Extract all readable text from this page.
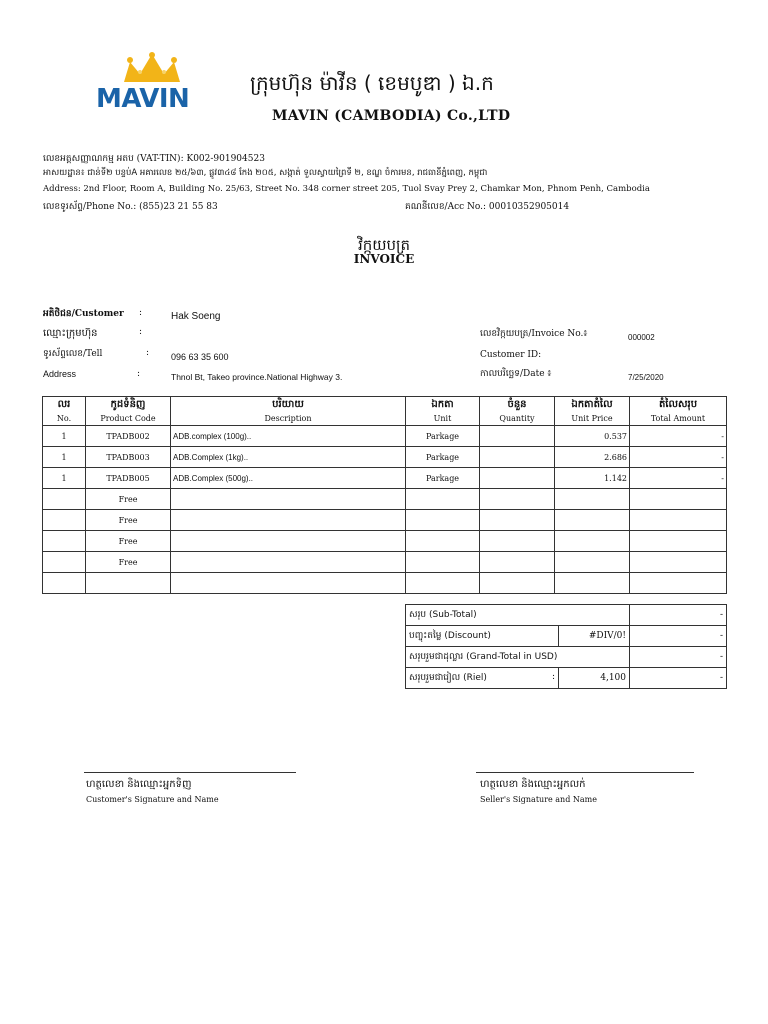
MAVIN
ក្រុមហ៊ុន ម៉ាវីន ( ខេមបូឌា ) ឯ.ក
MAVIN (CAMBODIA) Co.,LTD
លេខអត្តសញ្ញាណកម្ម អតប (VAT-TIN): K002-901904523
អាសយដ្ឋាន៖ ជាន់ទី២ បន្ទប់A អគារលេខ ២៥/៦៣, ផ្លូវ៣៤៨ កែង ២០៥, សង្កាត់ ទួលស្វាយព្រៃទី ២, ខណ្ឌ ចំការមន, រាជធានីភ្នំពេញ, កម្ពុជា
Address: 2nd Floor, Room A, Building No. 25/63, Street No. 348 corner street 205, Tuol Svay Prey 2, Chamkar Mon, Phnom Penh, Cambodia
លេខទូរស័ព្ទ/Phone No.: (855)23 21 55 83	គណនីលេខ/Acc No.: 00010352905014
វិក្កយបត្រ
INVOICE
អតិថិជន/Customer :	Hak Soeng
ឈ្មោះក្រុមហ៊ុន	:
ទូរស័ព្ទលេខ/Tell	: 096 63 35 600
Address	:	Thnol Bt, Takeo province.National Highway 3.
លេខវិក្កយបត្រ/Invoice No.៖	000002
Customer ID:
កាលបរិច្ឆេទ/Date ៖	7/25/2020
លរ	កូដទំនិញ	បរិយាយ	ឯកតា	ចំនួន	ឯកតាតំលៃ	តំលៃសរុប
No.	Product Code	Description	Unit	Quantity	Unit Price	Total Amount
1	TPADB002	ADB.complex (100g)..	Parkage		0.537	-
1	TPADB003	ADB.Complex (1kg)..	Parkage		2.686	-
1	TPADB005	ADB.Complex (500g)..	Parkage		1.142	-
	Free					
	Free					
	Free					
	Free					

សរុប (Sub-Total)		-
បញ្ចុះតម្លៃ (Discount)	#DIV/0!	-
សរុបរួមជាដុល្លារ (Grand-Total in USD)		-
សរុបរួមជារៀល (Riel) :	4,100	-
ហត្ថលេខា និងឈ្មោះអ្នកទិញ
Customer's Signature and Name
ហត្ថលេខា និងឈ្មោះអ្នកលក់
Seller's Signature and Name
